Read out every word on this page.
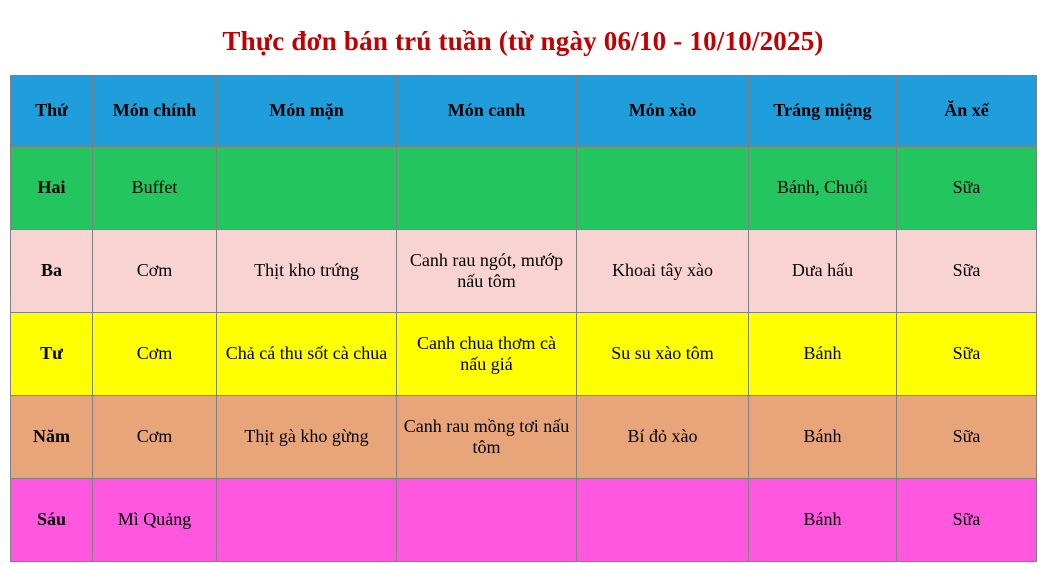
Thực đơn bán trú tuần (từ ngày 06/10 - 10/10/2025)
Thứ	Món chính	Món mặn	Món canh	Món xào	Tráng miệng	Ăn xế
Hai	Buffet				Bánh, Chuối	Sữa
Ba	Cơm	Thịt kho trứng	Canh rau ngót, mướp nấu tôm	Khoai tây xào	Dưa hấu	Sữa
Tư	Cơm	Chả cá thu sốt cà chua	Canh chua thơm cà nấu giá	Su su xào tôm	Bánh	Sữa
Năm	Cơm	Thịt gà kho gừng	Canh rau mồng tơi nấu tôm	Bí đỏ xào	Bánh	Sữa
Sáu	Mì Quảng				Bánh	Sữa
